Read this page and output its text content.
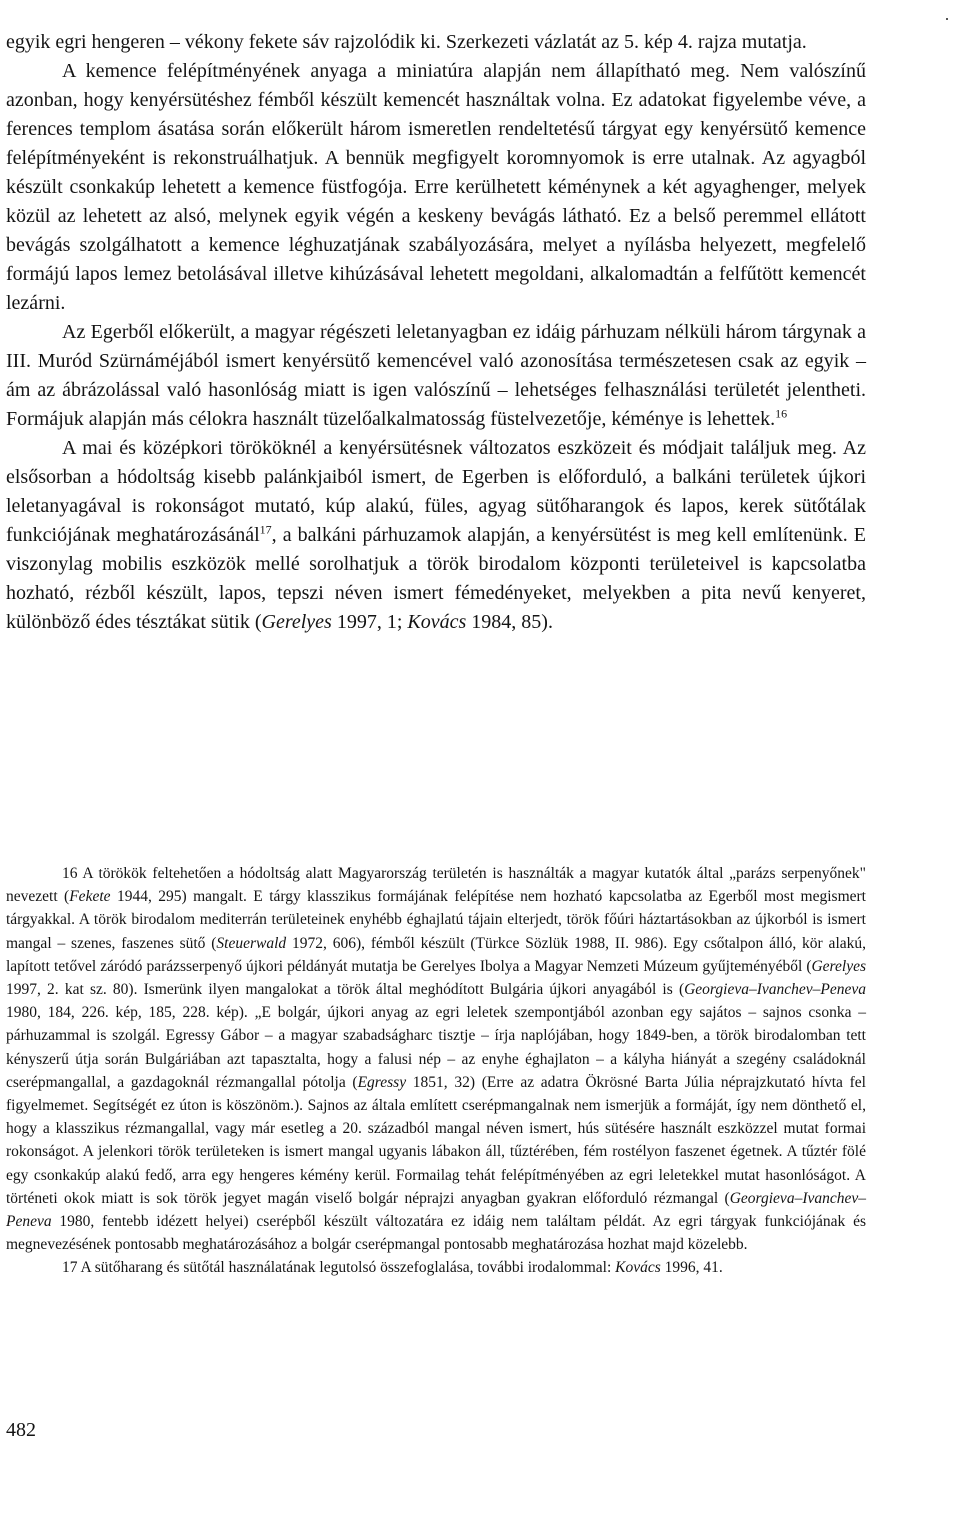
egyik egri hengeren – vékony fekete sáv rajzolódik ki. Szerkezeti vázlatát az 5. kép 4. rajza mutatja.

A kemence felépítményének anyaga a miniatúra alapján nem állapítható meg. Nem valószínű azonban, hogy kenyérsütéshez fémből készült kemencét használtak volna. Ez adatokat figyelembe véve, a ferences templom ásatása során előkerült három ismeretlen rendeltetésű tárgyat egy kenyérsütő kemence felépítményeként is rekonstruálhatjuk. A bennük megfigyelt koromnyomok is erre utalnak. Az agyagból készült csonkakúp lehetett a kemence füstfogója. Erre kerülhetett kéménynek a két agyaghenger, melyek közül az lehetett az alsó, melynek egyik végén a keskeny bevágás látható. Ez a belső peremmel ellátott bevágás szolgálhatott a kemence léghuzatjának szabályozására, melyet a nyílásba helyezett, megfelelő formájú lapos lemez betolásával illetve kihúzásával lehetett megoldani, alkalomadtán a felfűtött kemencét lezárni.

Az Egerből előkerült, a magyar régészeti leletanyagban ez idáig párhuzam nélküli három tárgynak a III. Muród Szürnáméjából ismert kenyérsütő kemencével való azonosítása természetesen csak az egyik – ám az ábrázolással való hasonlóság miatt is igen valószínű – lehetséges felhasználási területét jelentheti. Formájuk alapján más célokra használt tüzelőalkalmatosság füstelvezetője, kéménye is lehettek.$^{16}$

A mai és középkori törököknél a kenyérsütésnek változatos eszközeit és módjait találjuk meg. Az elsősorban a hódoltság kisebb palánkjaiból ismert, de Egerben is előforduló, a balkáni területek újkori leletanyagával is rokonságot mutató, kúp alakú, füles, agyag sütőharangok és lapos, kerek sütőtálak funkciójának meghatározásánál$^{17}$, a balkáni párhuzamok alapján, a kenyérsütést is meg kell említenünk. E viszonylag mobilis eszközök mellé sorolhatjuk a török birodalom központi területeivel is kapcsolatba hozható, rézből készült, lapos, tepszi néven ismert fémedényeket, melyekben a pita nevű kenyeret, különböző édes tésztákat sütik (Gerelyes 1997, 1; Kovács 1984, 85).

16 A törökök feltehetően a hódoltság alatt Magyarország területén is használták a magyar kutatók által „parázs serpenyőnek" nevezett (Fekete 1944, 295) mangalt. E tárgy klasszikus formájának felépítése nem hozható kapcsolatba az Egerből most megismert tárgyakkal. A török birodalom mediterrán területeinek enyhébb éghajlatú tájain elterjedt, török főúri háztartásokban az újkorból is ismert mangal – szenes, faszenes sütő (Steuerwald 1972, 606), fémből készült (Türkce Sözlük 1988, II. 986). Egy csőtalpon álló, kör alakú, lapított tetővel záródó parázsserpenyő újkori példányát mutatja be Gerelyes Ibolya a Magyar Nemzeti Múzeum gyűjteményéből (Gerelyes 1997, 2. kat sz. 80). Ismerünk ilyen mangalokat a török által meghódított Bulgária újkori anyagából is (Georgieva–Ivanchev–Peneva 1980, 184, 226. kép, 185, 228. kép). „E bolgár, újkori anyag az egri leletek szempontjából azonban egy sajátos – sajnos csonka – párhuzammal is szolgál. Egressy Gábor – a magyar szabadságharc tisztje – írja naplójában, hogy 1849-ben, a török birodalomban tett kényszerű útja során Bulgáriában azt tapasztalta, hogy a falusi nép – az enyhe éghajlaton – a kályha hiányát a szegény családoknál cserépmangallal, a gazdagoknál rézmangallal pótolja (Egressy 1851, 32) (Erre az adatra Ökrösné Barta Júlia néprajzkutató hívta fel figyelmemet. Segítségét ez úton is köszönöm.). Sajnos az általa említett cserépmangalnak nem ismerjük a formáját, így nem dönthető el, hogy a klasszikus rézmangallal, vagy már esetleg a 20. századból mangal néven ismert, hús sütésére használt eszközzel mutat formai rokonságot. A jelenkori török területeken is ismert mangal ugyanis lábakon áll, tűztérében, fém rostélyon faszenet égetnek. A tűztér fölé egy csonkakúp alakú fedő, arra egy hengeres kémény kerül. Formailag tehát felépítményében az egri leletekkel mutat hasonlóságot. A történeti okok miatt is sok török jegyet magán viselő bolgár néprajzi anyagban gyakran előforduló rézmangal (Georgieva–Ivanchev–Peneva 1980, fentebb idézett helyei) cserépből készült változatára ez idáig nem találtam példát. Az egri tárgyak funkciójának és megnevezésének pontosabb meghatározásához a bolgár cserépmangal pontosabb meghatározása hozhat majd közelebb.

17 A sütőharang és sütőtál használatának legutolsó összefoglalása, további irodalommal: Kovács 1996, 41.

482
